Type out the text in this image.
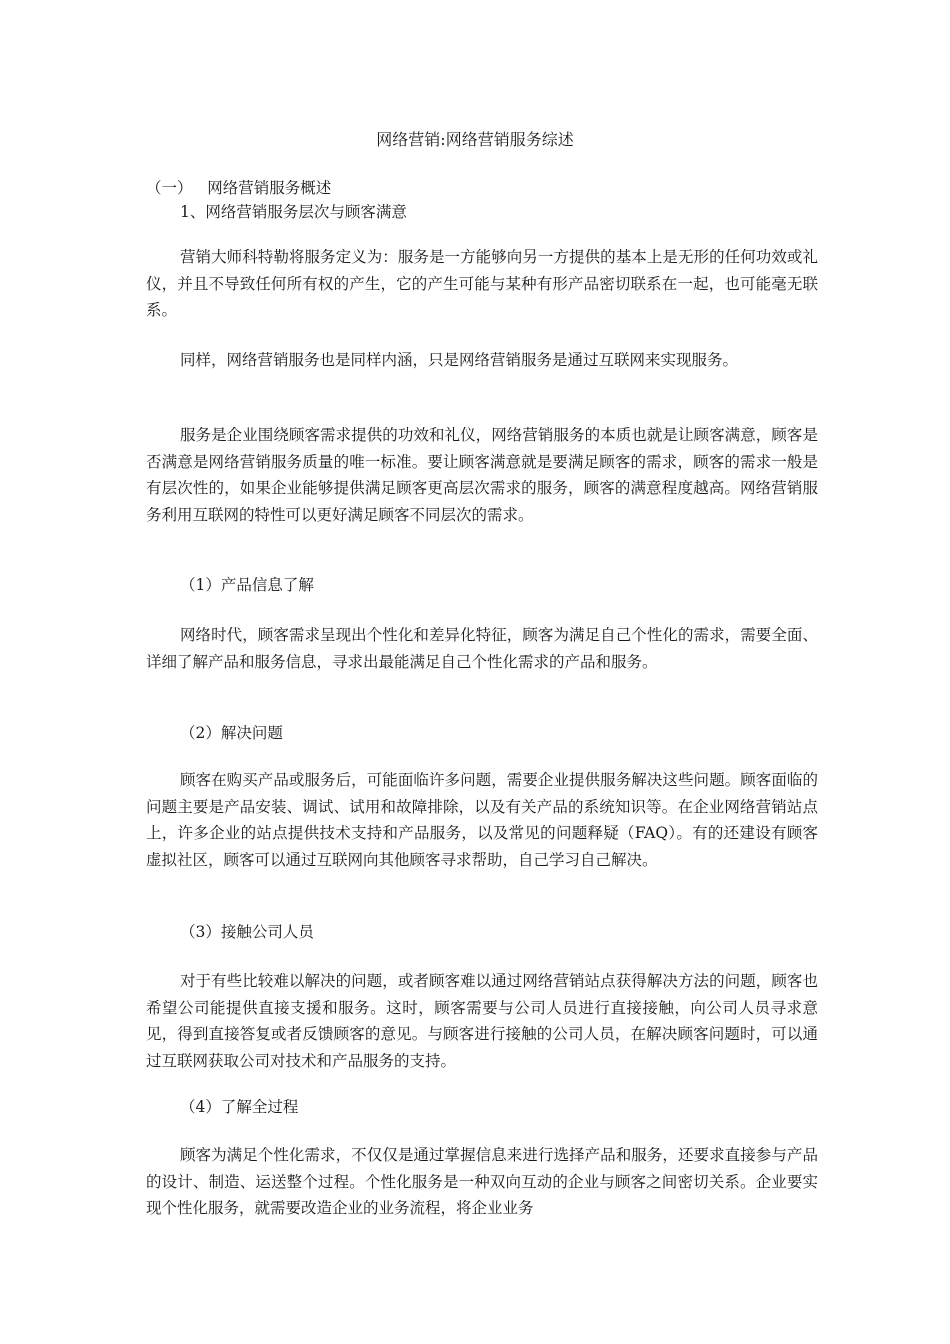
网络营销:网络营销服务综述
（一）   网络营销服务概述
1、网络营销服务层次与顾客满意
营销大师科特勒将服务定义为：服务是一方能够向另一方提供的基本上是无形的任何功效或礼仪，并且不导致任何所有权的产生，它的产生可能与某种有形产品密切联系在一起，也可能毫无联系。
同样，网络营销服务也是同样内涵，只是网络营销服务是通过互联网来实现服务。
服务是企业围绕顾客需求提供的功效和礼仪，网络营销服务的本质也就是让顾客满意，顾客是否满意是网络营销服务质量的唯一标准。要让顾客满意就是要满足顾客的需求，顾客的需求一般是有层次性的，如果企业能够提供满足顾客更高层次需求的服务，顾客的满意程度越高。网络营销服务利用互联网的特性可以更好满足顾客不同层次的需求。
（1）产品信息了解
网络时代，顾客需求呈现出个性化和差异化特征，顾客为满足自己个性化的需求，需要全面、详细了解产品和服务信息，寻求出最能满足自己个性化需求的产品和服务。
（2）解决问题
顾客在购买产品或服务后，可能面临许多问题，需要企业提供服务解决这些问题。顾客面临的问题主要是产品安装、调试、试用和故障排除，以及有关产品的系统知识等。在企业网络营销站点上，许多企业的站点提供技术支持和产品服务，以及常见的问题释疑（FAQ）。有的还建设有顾客虚拟社区，顾客可以通过互联网向其他顾客寻求帮助，自己学习自己解决。
（3）接触公司人员
对于有些比较难以解决的问题，或者顾客难以通过网络营销站点获得解决方法的问题，顾客也希望公司能提供直接支援和服务。这时，顾客需要与公司人员进行直接接触，向公司人员寻求意见，得到直接答复或者反馈顾客的意见。与顾客进行接触的公司人员，在解决顾客问题时，可以通过互联网获取公司对技术和产品服务的支持。
（4）了解全过程
顾客为满足个性化需求，不仅仅是通过掌握信息来进行选择产品和服务，还要求直接参与产品的设计、制造、运送整个过程。个性化服务是一种双向互动的企业与顾客之间密切关系。企业要实现个性化服务，就需要改造企业的业务流程，将企业业务
